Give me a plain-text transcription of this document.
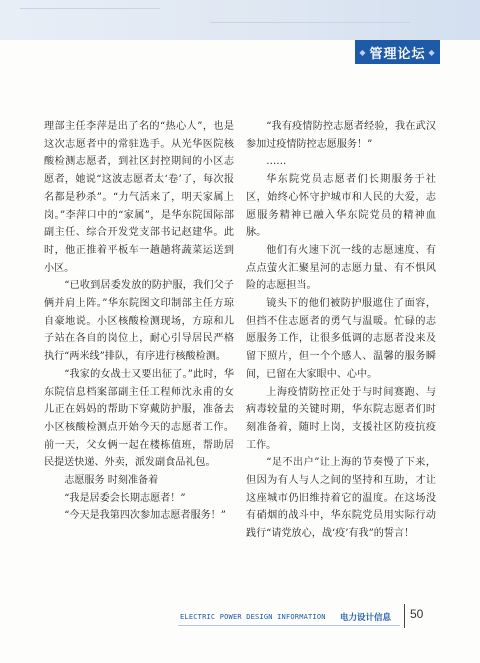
◆ 管理论坛 ◆

理部主任李萍是出了名的“热心人”，也是这次志愿者中的常驻选手。从光华医院核酸检测志愿者，到社区封控期间的小区志愿者，她说“这波志愿者太‘卷’了，每次报名都是秒杀”。“力气活来了，明天家属上岗。”李萍口中的“家属”，是华东院国际部副主任、综合开发党支部书记赵建华。此时，他正推着平板车一趟趟将蔬菜运送到小区。

“已收到居委发放的防护服，我们父子俩并肩上阵。”华东院图文印制部主任方琼自豪地说。小区核酸检测现场，方琼和儿子站在各自的岗位上，耐心引导居民严格执行“两米线”排队，有序进行核酸检测。

“我家的女战士又要出征了。”此时，华东院信息档案部副主任工程师沈永甫的女儿正在妈妈的帮助下穿戴防护服，准备去小区核酸检测点开始今天的志愿者工作。前一天，父女俩一起在楼栋值班，帮助居民提送快递、外卖，派发副食品礼包。

志愿服务 时刻准备着

“我是居委会长期志愿者！”

“今天是我第四次参加志愿者服务！”

“我有疫情防控志愿者经验，我在武汉参加过疫情防控志愿服务！”

……

华东院党员志愿者们长期服务于社区，始终心怀守护城市和人民的大爱，志愿服务精神已融入华东院党员的精神血脉。

他们有火速下沉一线的志愿速度、有点点萤火汇聚星河的志愿力量、有不惧风险的志愿担当。

镜头下的他们被防护服遮住了面容，但挡不住志愿者的勇气与温暖。忙碌的志愿服务工作，让很多低调的志愿者没来及留下照片，但一个个感人、温馨的服务瞬间，已留在大家眼中、心中。

上海疫情防控正处于与时间赛跑、与病毒较量的关键时期，华东院志愿者们时刻准备着，随时上岗，支援社区防疫抗疫工作。

“足不出户”让上海的节奏慢了下来，但因为有人与人之间的坚持和互助，才让这座城市仍旧维持着它的温度。在这场没有硝烟的战斗中，华东院党员用实际行动践行“请党放心，战‘疫’有我”的誓言！

ELECTRIC POWER DESIGN INFORMATION 电力设计信息 50
